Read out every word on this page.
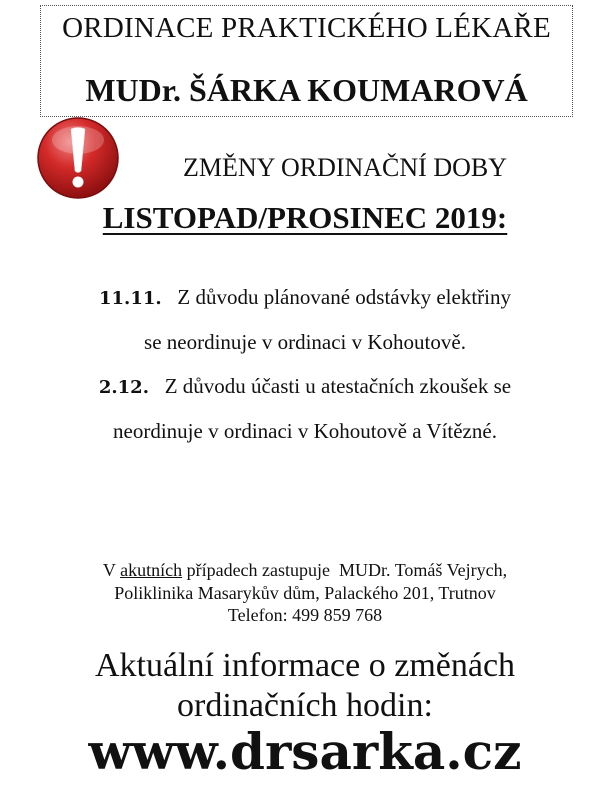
ORDINACE PRAKTICKÉHO LÉKAŘE
MUDr. ŠÁRKA KOUMAROVÁ
ZMĚNY ORDINAČNÍ DOBY
LISTOPAD/PROSINEC 2019:
11.11. Z důvodu plánované odstávky elektřiny
se neordinuje v ordinaci v Kohoutově.
2.12. Z důvodu účasti u atestačních zkoušek se
neordinuje v ordinaci v Kohoutově a Vítězné.
V akutních případech zastupuje  MUDr. Tomáš Vejrych,
Poliklinika Masarykův dům, Palackého 201, Trutnov
Telefon: 499 859 768
Aktuální informace o změnách
ordinačních hodin:
www.drsarka.cz
